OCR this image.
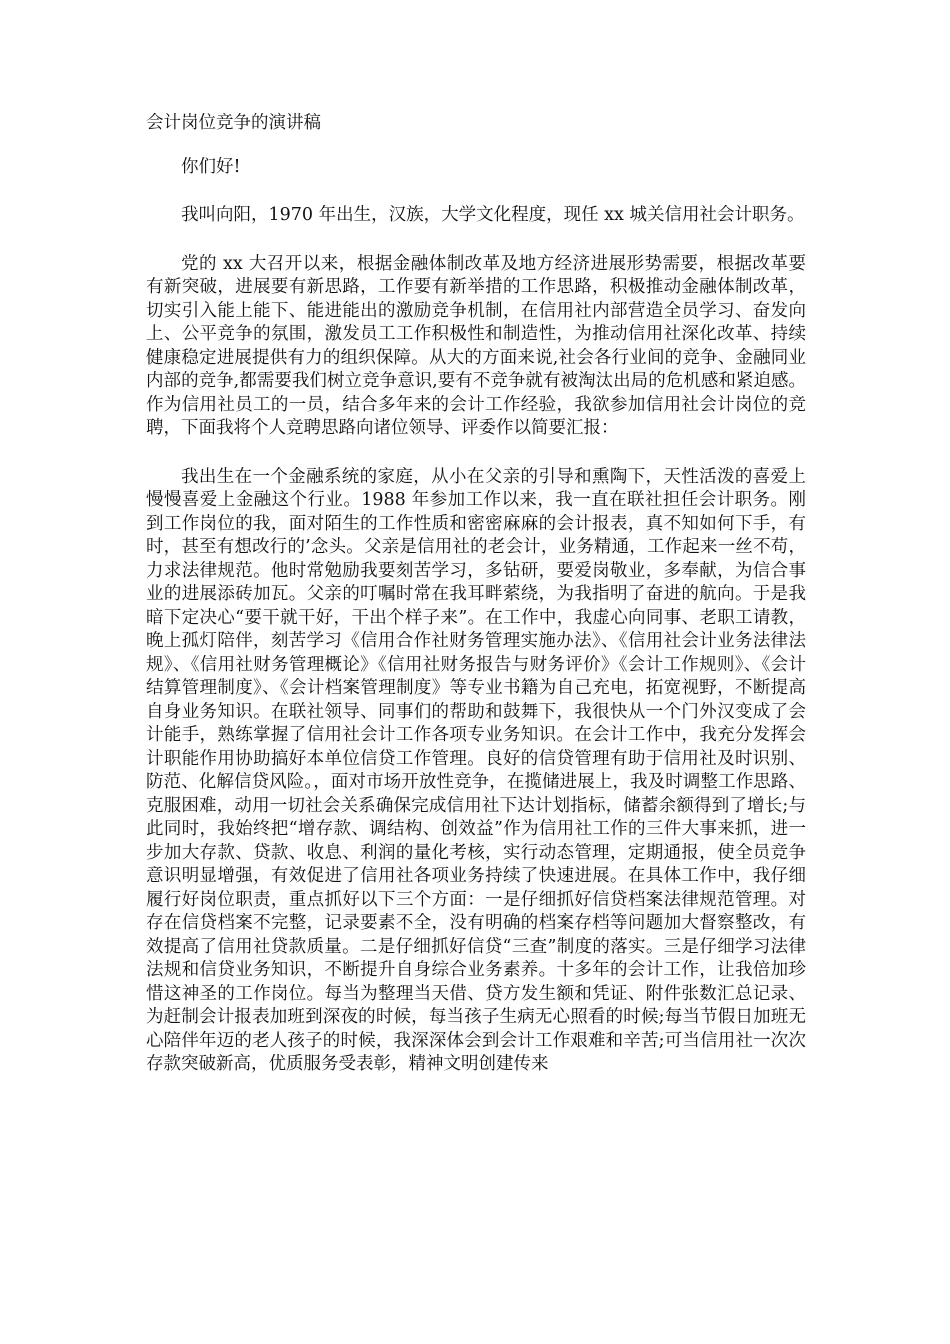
会计岗位竞争的演讲稿

你们好!

我叫向阳，1970 年出生，汉族，大学文化程度，现任 xx 城关信用社会计职务。

党的 xx 大召开以来，根据金融体制改革及地方经济进展形势需要，根据改革要有新突破，进展要有新思路，工作要有新举措的工作思路，积极推动金融体制改革，切实引入能上能下、能进能出的激励竞争机制，在信用社内部营造全员学习、奋发向上、公平竞争的氛围，激发员工工作积极性和制造性，为推动信用社深化改革、持续健康稳定进展提供有力的组织保障。从大的方面来说,社会各行业间的竞争、金融同业内部的竞争,都需要我们树立竞争意识,要有不竞争就有被淘汰出局的危机感和紧迫感。作为信用社员工的一员，结合多年来的会计工作经验，我欲参加信用社会计岗位的竞聘，下面我将个人竞聘思路向诸位领导、评委作以简要汇报：

我出生在一个金融系统的家庭，从小在父亲的引导和熏陶下，天性活泼的喜爱上慢慢喜爱上金融这个行业。1988 年参加工作以来，我一直在联社担任会计职务。刚到工作岗位的我，面对陌生的工作性质和密密麻麻的会计报表，真不知如何下手，有时，甚至有想改行的’念头。父亲是信用社的老会计，业务精通，工作起来一丝不苟，力求法律规范。他时常勉励我要刻苦学习，多钻研，要爱岗敬业，多奉献，为信合事业的进展添砖加瓦。父亲的叮嘱时常在我耳畔萦绕，为我指明了奋进的航向。于是我暗下定决心“要干就干好，干出个样子来”。在工作中，我虚心向同事、老职工请教，晚上孤灯陪伴，刻苦学习《信用合作社财务管理实施办法》、《信用社会计业务法律法规》、《信用社财务管理概论》《信用社财务报告与财务评价》《会计工作规则》、《会计结算管理制度》、《会计档案管理制度》等专业书籍为自己充电，拓宽视野，不断提高自身业务知识。在联社领导、同事们的帮助和鼓舞下，我很快从一个门外汉变成了会计能手，熟练掌握了信用社会计工作各项专业务知识。在会计工作中，我充分发挥会计职能作用协助搞好本单位信贷工作管理。良好的信贷管理有助于信用社及时识别、防范、化解信贷风险。，面对市场开放性竞争，在揽储进展上，我及时调整工作思路、克服困难，动用一切社会关系确保完成信用社下达计划指标，储蓄余额得到了增长;与此同时，我始终把“增存款、调结构、创效益”作为信用社工作的三件大事来抓，进一步加大存款、贷款、收息、利润的量化考核，实行动态管理，定期通报，使全员竞争意识明显增强，有效促进了信用社各项业务持续了快速进展。在具体工作中，我仔细履行好岗位职责，重点抓好以下三个方面：一是仔细抓好信贷档案法律规范管理。对存在信贷档案不完整，记录要素不全，没有明确的档案存档等问题加大督察整改，有效提高了信用社贷款质量。二是仔细抓好信贷“三查”制度的落实。三是仔细学习法律法规和信贷业务知识，不断提升自身综合业务素养。十多年的会计工作，让我倍加珍惜这神圣的工作岗位。每当为整理当天借、贷方发生额和凭证、附件张数汇总记录、为赶制会计报表加班到深夜的时候，每当孩子生病无心照看的时候;每当节假日加班无心陪伴年迈的老人孩子的时候，我深深体会到会计工作艰难和辛苦;可当信用社一次次存款突破新高，优质服务受表彰，精神文明创建传来
